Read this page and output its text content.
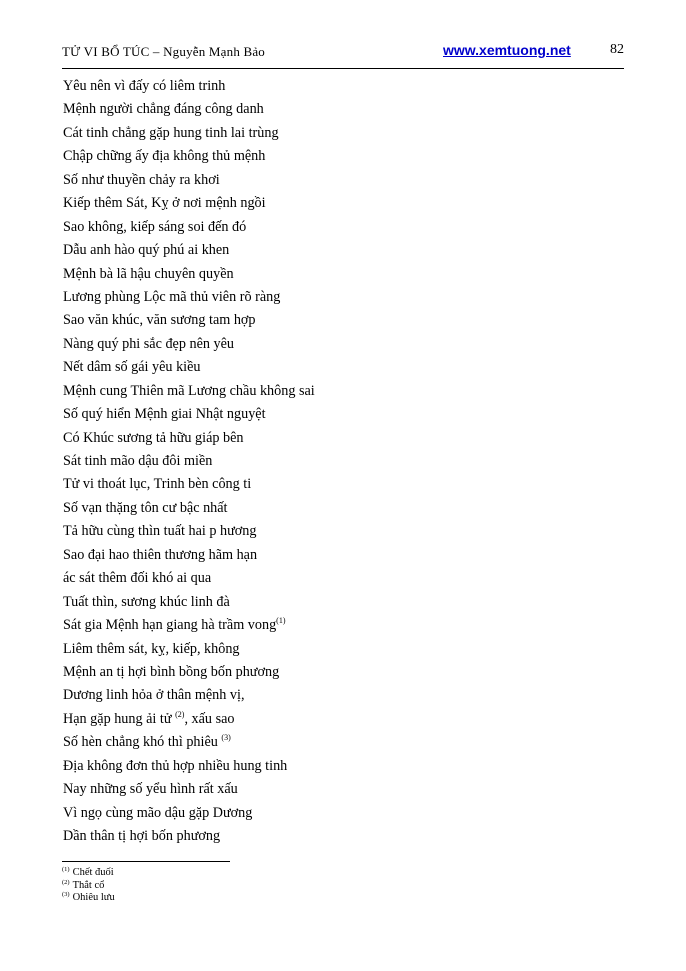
TỬ VI BỔ TÚC – Nguyễn Mạnh Bảo	www.xemtuong.net	82
Yêu nên vì đấy có liêm trinh
Mệnh người chẳng đáng công danh
Cát tinh chẳng gặp hung tinh lai trùng
Chập chững ấy địa không thủ mệnh
Số như thuyền chảy ra khơi
Kiếp thêm Sát, Kỵ ở nơi mệnh ngồi
Sao không, kiếp sáng soi đến đó
Dẫu anh hào quý phú ai khen
Mệnh bà lã hậu chuyên quyền
Lương phùng Lộc mã thủ viên rõ ràng
Sao văn khúc, văn sương tam hợp
Nàng quý phi sắc đẹp nên yêu
Nết dâm số gái yêu kiều
Mệnh cung Thiên mã Lương chầu không sai
Số quý hiển Mệnh giai Nhật nguyệt
Có Khúc sương tả hữu giáp bên
Sát tinh mão dậu đôi miền
Tử vi thoát lục, Trinh bèn công ti
Số vạn thặng tôn cư bậc nhất
Tả hữu cùng thìn tuất hai p hương
Sao đại hao thiên thương hãm hạn
ác sát thêm đối khó ai qua
Tuất thìn, sương khúc linh đà
Sát gia Mệnh hạn giang hà trầm vong$^{(1)}$
Liêm thêm sát, kỵ, kiếp, không
Mệnh an tị hợi bình bồng bốn phương
Dương linh hỏa ở thân mệnh vị,
Hạn gặp hung ải tử $^{(2)}$, xấu sao
Số hèn chẳng khó thì phiêu $^{(3)}$
Địa không đơn thủ hợp nhiều hung tinh
Nay những số yểu hình rất xấu
Vì ngọ cùng mão dậu gặp Dương
Dần thân tị hợi bốn phương
$^{(1)}$ Chết đuối
$^{(2)}$ Thắt cổ
$^{(3)}$ Ohiêu lưu
